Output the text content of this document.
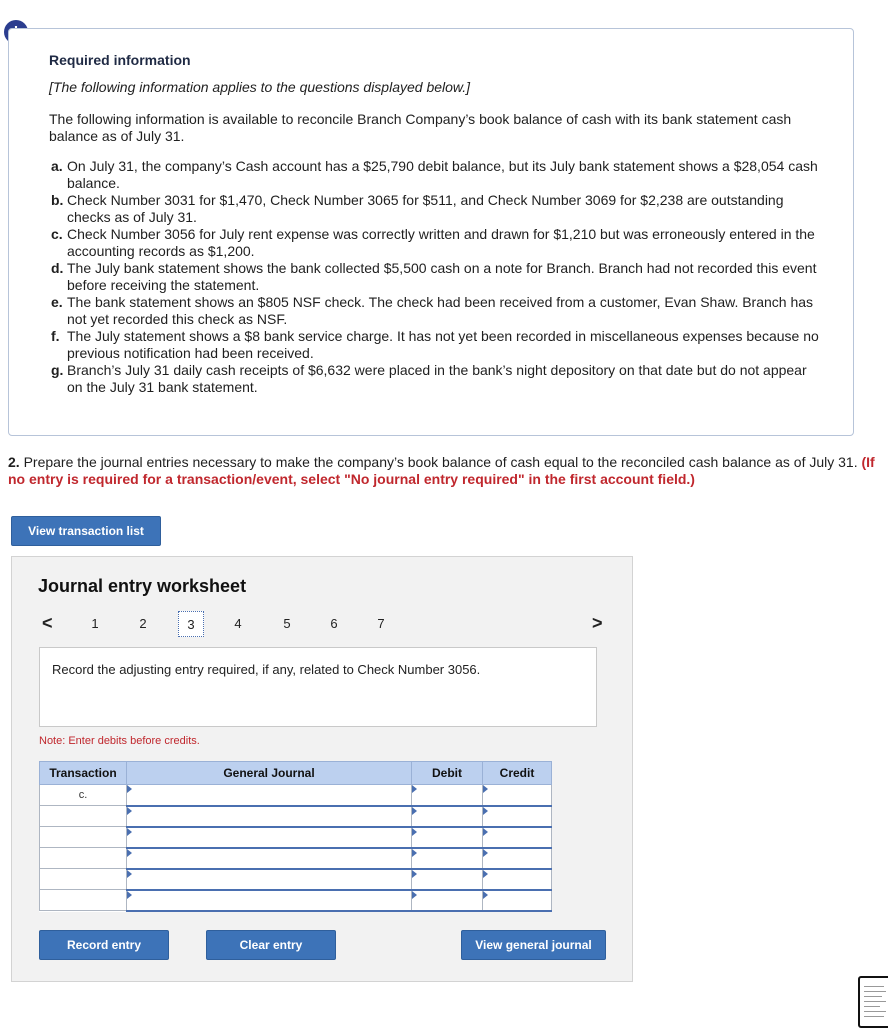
Required information
[The following information applies to the questions displayed below.]
The following information is available to reconcile Branch Company’s book balance of cash with its bank statement cash balance as of July 31.
a. On July 31, the company’s Cash account has a $25,790 debit balance, but its July bank statement shows a $28,054 cash balance.
b. Check Number 3031 for $1,470, Check Number 3065 for $511, and Check Number 3069 for $2,238 are outstanding checks as of July 31.
c. Check Number 3056 for July rent expense was correctly written and drawn for $1,210 but was erroneously entered in the accounting records as $1,200.
d. The July bank statement shows the bank collected $5,500 cash on a note for Branch. Branch had not recorded this event before receiving the statement.
e. The bank statement shows an $805 NSF check. The check had been received from a customer, Evan Shaw. Branch has not yet recorded this check as NSF.
f. The July statement shows a $8 bank service charge. It has not yet been recorded in miscellaneous expenses because no previous notification had been received.
g. Branch’s July 31 daily cash receipts of $6,632 were placed in the bank’s night depository on that date but do not appear on the July 31 bank statement.
2. Prepare the journal entries necessary to make the company’s book balance of cash equal to the reconciled cash balance as of July 31. (If no entry is required for a transaction/event, select "No journal entry required" in the first account field.)
View transaction list
Journal entry worksheet
<	1	2	3	4	5	6	7	>
Record the adjusting entry required, if any, related to Check Number 3056.
Note: Enter debits before credits.
Transaction	General Journal	Debit	Credit

c.			

Record entry	Clear entry	View general journal
